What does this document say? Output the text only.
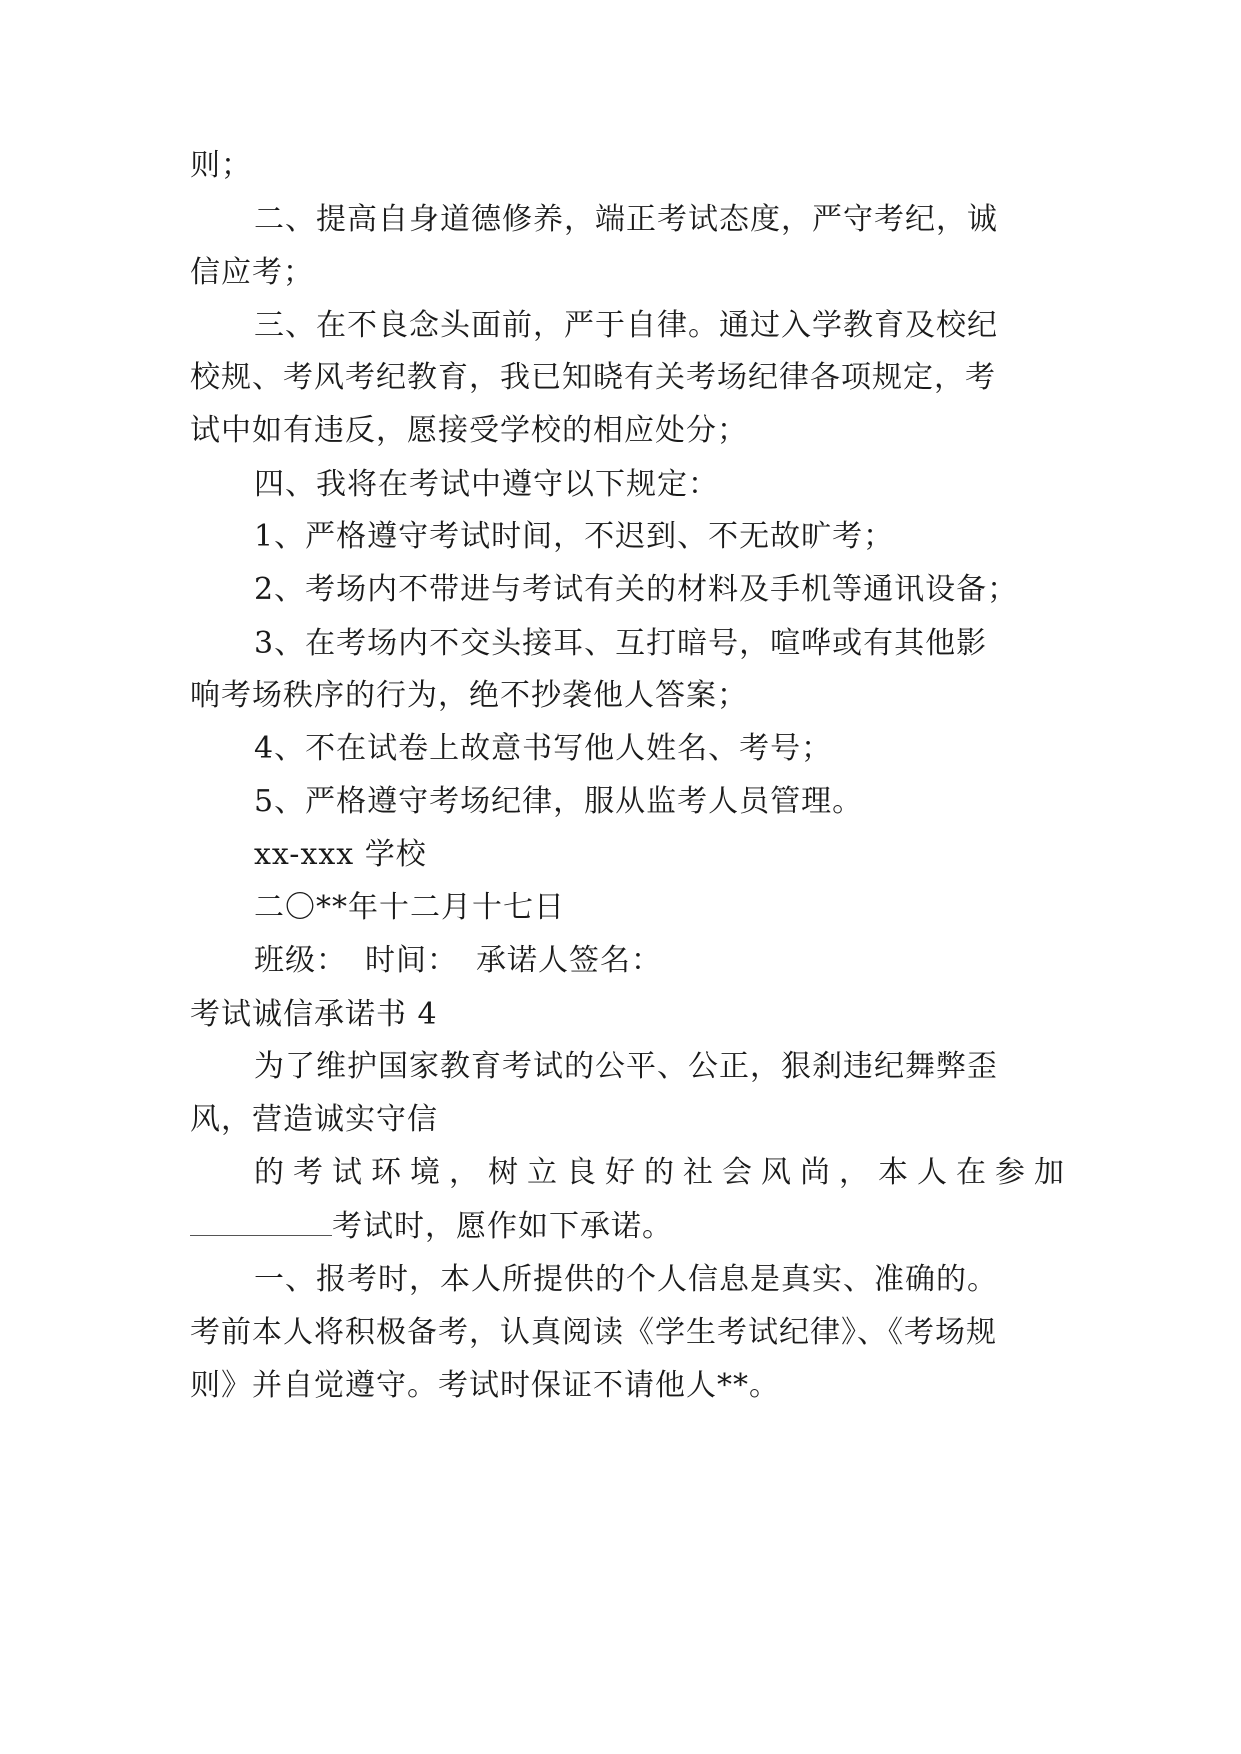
则；

二、提高自身道德修养，端正考试态度，严守考纪，诚

信应考；

三、在不良念头面前，严于自律。通过入学教育及校纪

校规、考风考纪教育，我已知晓有关考场纪律各项规定，考

试中如有违反，愿接受学校的相应处分；

四、我将在考试中遵守以下规定：

1、严格遵守考试时间，不迟到、不无故旷考；

2、考场内不带进与考试有关的材料及手机等通讯设备；

3、在考场内不交头接耳、互打暗号，喧哗或有其他影

响考场秩序的行为，绝不抄袭他人答案；

4、不在试卷上故意书写他人姓名、考号；

5、严格遵守考场纪律，服从监考人员管理。

xx-xxx 学校

二〇**年十二月十七日

班级： 时间： 承诺人签名：

考试诚信承诺书 4

为了维护国家教育考试的公平、公正，狠刹违纪舞弊歪

风，营造诚实守信

的考试环境，树立良好的社会风尚，本人在参加

考试时，愿作如下承诺。

一、报考时，本人所提供的个人信息是真实、准确的。

考前本人将积极备考，认真阅读《学生考试纪律》、《考场规

则》并自觉遵守。考试时保证不请他人**。
